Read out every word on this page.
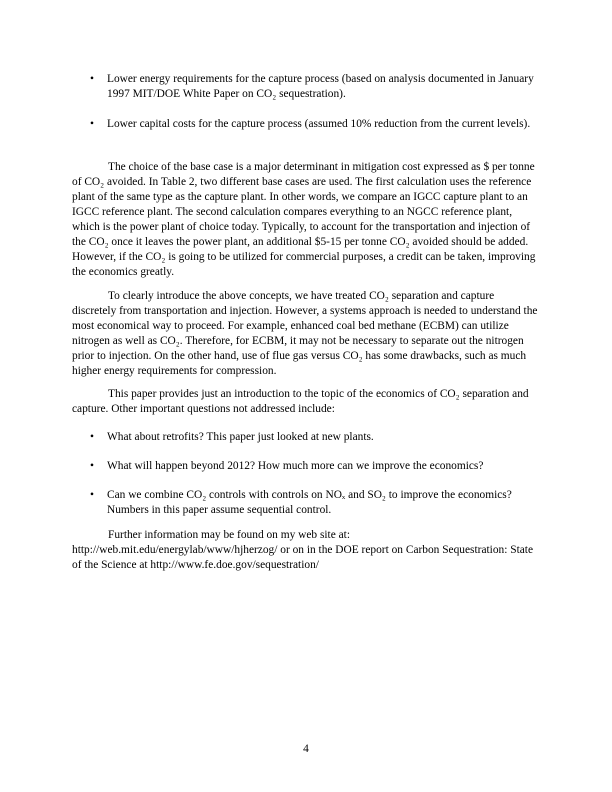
• Lower energy requirements for the capture process (based on analysis documented in January 1997 MIT/DOE White Paper on CO₂ sequestration).

• Lower capital costs for the capture process (assumed 10% reduction from the current levels).

The choice of the base case is a major determinant in mitigation cost expressed as $ per tonne of CO₂ avoided. In Table 2, two different base cases are used. The first calculation uses the reference plant of the same type as the capture plant. In other words, we compare an IGCC capture plant to an IGCC reference plant. The second calculation compares everything to an NGCC reference plant, which is the power plant of choice today. Typically, to account for the transportation and injection of the CO₂ once it leaves the power plant, an additional $5-15 per tonne CO₂ avoided should be added. However, if the CO₂ is going to be utilized for commercial purposes, a credit can be taken, improving the economics greatly.

To clearly introduce the above concepts, we have treated CO₂ separation and capture discretely from transportation and injection. However, a systems approach is needed to understand the most economical way to proceed. For example, enhanced coal bed methane (ECBM) can utilize nitrogen as well as CO₂. Therefore, for ECBM, it may not be necessary to separate out the nitrogen prior to injection. On the other hand, use of flue gas versus CO₂ has some drawbacks, such as much higher energy requirements for compression.

This paper provides just an introduction to the topic of the economics of CO₂ separation and capture. Other important questions not addressed include:

• What about retrofits? This paper just looked at new plants.

• What will happen beyond 2012? How much more can we improve the economics?

• Can we combine CO₂ controls with controls on NOₓ and SO₂ to improve the economics? Numbers in this paper assume sequential control.

Further information may be found on my web site at: http://web.mit.edu/energylab/www/hjherzog/ or on in the DOE report on Carbon Sequestration: State of the Science at http://www.fe.doe.gov/sequestration/

4
